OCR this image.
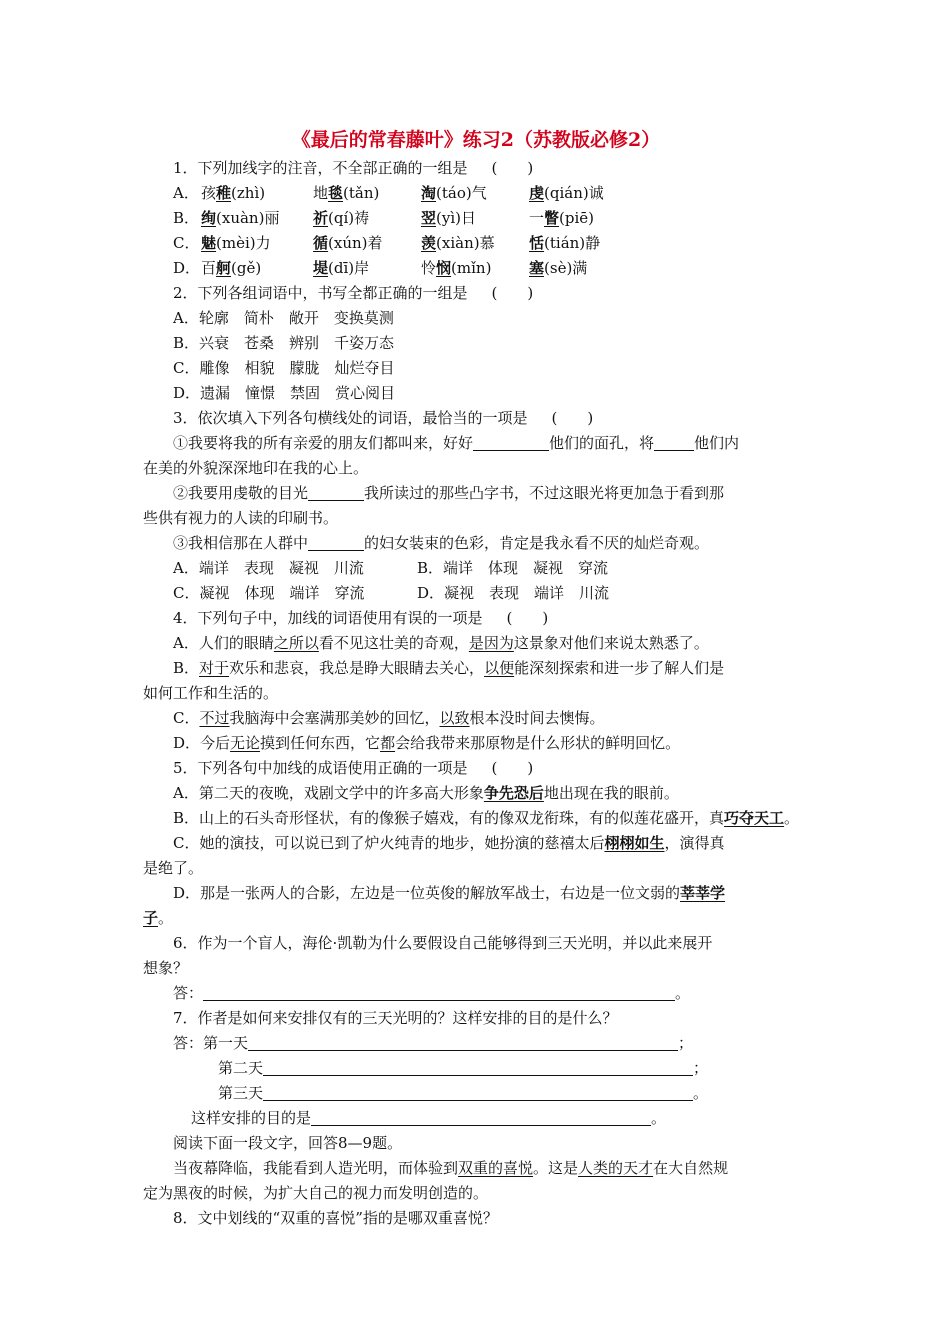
《最后的常春藤叶》练习2（苏教版必修2）
1．下列加线字的注音，不全部正确的一组是 (　　)
A． 孩稚(zhì)	地毯(tǎn)	淘(táo)气	虔(qián)诚
B． 绚(xuàn)丽 祈(qí)祷	翌(yì)日	一瞥(piē)
C． 魅(mèi)力	循(xún)着	羡(xiàn)慕 恬(tián)静
D．百舸(gě)	堤(dī)岸	怜悯(mǐn)	塞(sè)满
2．下列各组词语中，书写全都正确的一组是 (　　)
A．轮廓　简朴　敞开　变换莫测
B．兴衰　苍桑　辨别　千姿万态
C．雕像　相貌　朦胧　灿烂夺目
D．遗漏　憧憬　禁固　赏心阅目
3．依次填入下列各句横线处的词语，最恰当的一项是 (　　)
①我要将我的所有亲爱的朋友们都叫来，好好	他们的面孔，将	他们内
在美的外貌深深地印在我的心上。
②我要用虔敬的目光	我所读过的那些凸字书，不过这眼光将更加急于看到那
些供有视力的人读的印刷书。
③我相信那在人群中	的妇女装束的色彩，肯定是我永看不厌的灿烂奇观。
A．端详　表现　凝视　川流	B．端详　体现　凝视　穿流
C．凝视　体现　端详　穿流	D．凝视　表现　端详　川流
4．下列句子中，加线的词语使用有误的一项是 (　　)
A．人们的眼睛之所以看不见这壮美的奇观，是因为这景象对他们来说太熟悉了。
B．对于欢乐和悲哀，我总是睁大眼睛去关心，以便能深刻探索和进一步了解人们是
如何工作和生活的。
C．不过我脑海中会塞满那美妙的回忆，以致根本没时间去懊悔。
D．今后无论摸到任何东西，它都会给我带来那原物是什么形状的鲜明回忆。
5．下列各句中加线的成语使用正确的一项是 (　　)
A．第二天的夜晚，戏剧文学中的许多高大形象争先恐后地出现在我的眼前。
B．山上的石头奇形怪状，有的像猴子嬉戏，有的像双龙衔珠，有的似莲花盛开，真巧夺天工。
C．她的演技，可以说已到了炉火纯青的地步，她扮演的慈禧太后栩栩如生，演得真
是绝了。
D．那是一张两人的合影，左边是一位英俊的解放军战士，右边是一位文弱的莘莘学
子。
6．作为一个盲人，海伦·凯勒为什么要假设自己能够得到三天光明，并以此来展开
想象？
答：	。
7．作者是如何来安排仅有的三天光明的？这样安排的目的是什么？
答：第一天	；
第二天	；
第三天	。
这样安排的目的是	。
阅读下面一段文字，回答8—9题。
当夜幕降临，我能看到人造光明，而体验到双重的喜悦。这是人类的天才在大自然规
定为黑夜的时候，为扩大自己的视力而发明创造的。
8．文中划线的“双重的喜悦”指的是哪双重喜悦？
